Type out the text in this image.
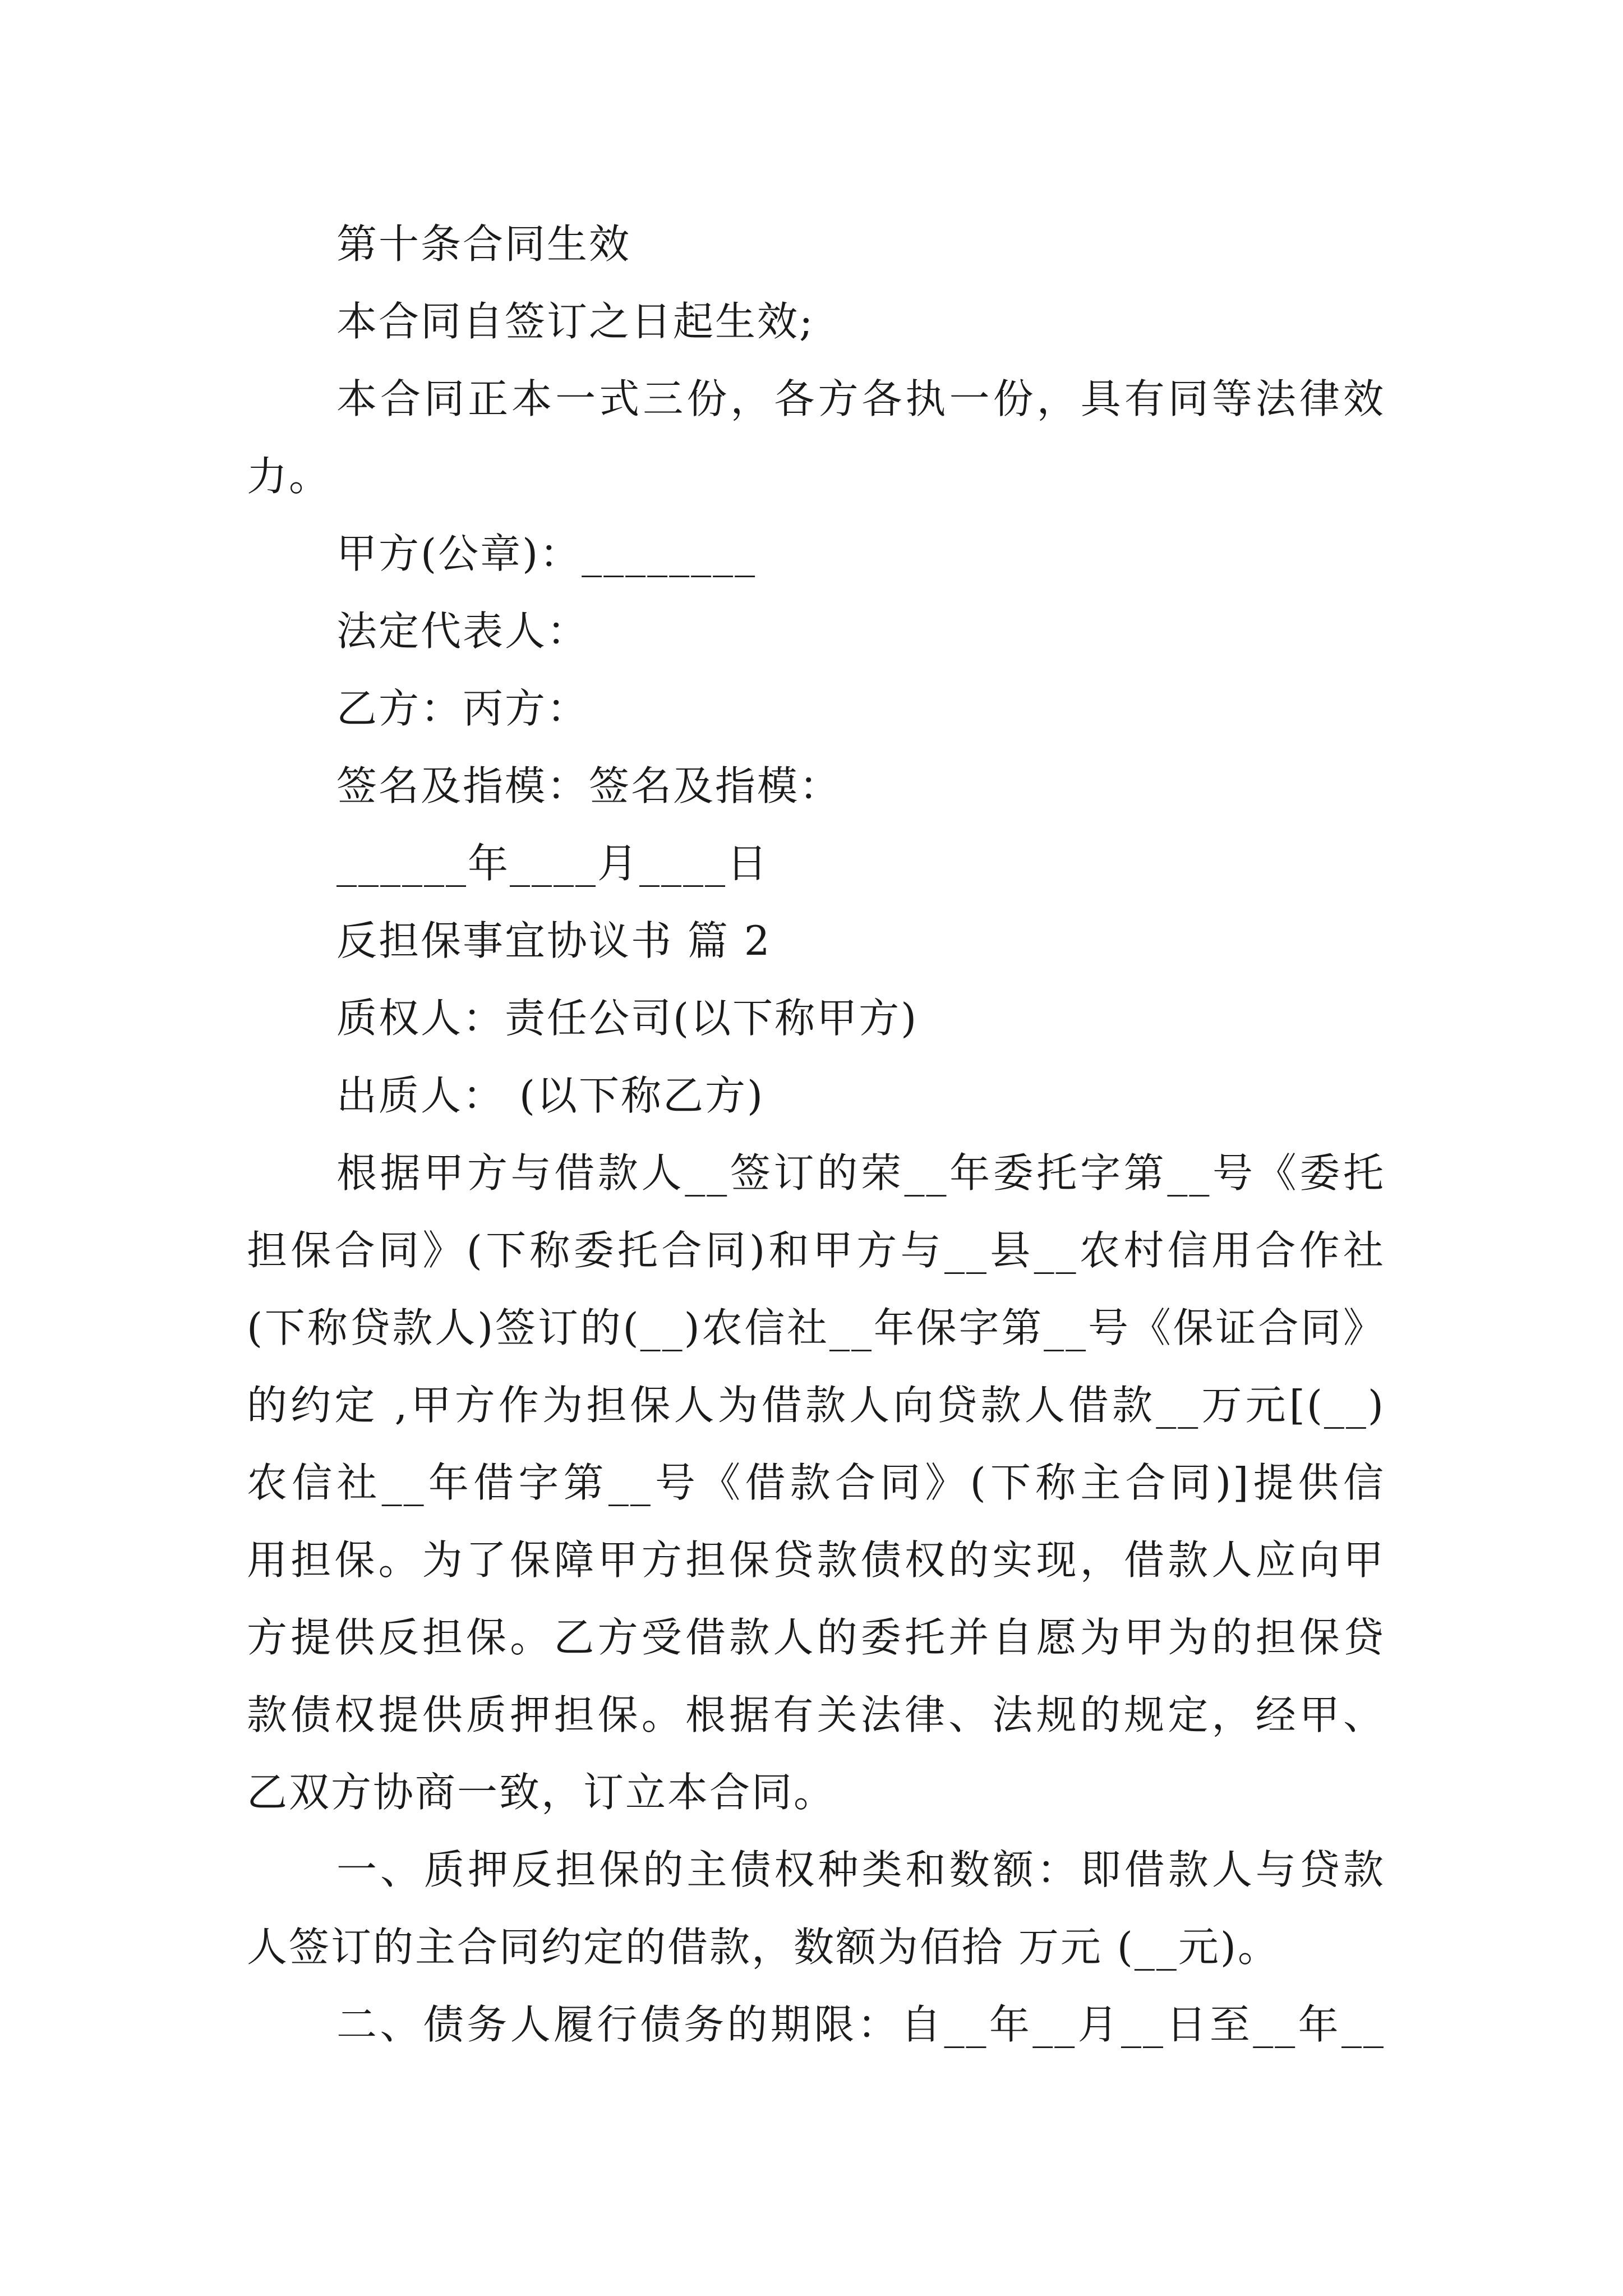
第十条合同生效
本合同自签订之日起生效;
本合同正本一式三份，各方各执一份，具有同等法律效
力。
甲方(公章)：________
法定代表人：
乙方：丙方：
签名及指模：签名及指模：
______年____月____日
反担保事宜协议书 篇 2
质权人：责任公司(以下称甲方)
出质人： (以下称乙方)
根据甲方与借款人__签订的荣__年委托字第__号《委托
担保合同》(下称委托合同)和甲方与__县__农村信用合作社
(下称贷款人)签订的(__)农信社__年保字第__号《保证合同》
的约定 ,甲方作为担保人为借款人向贷款人借款__万元[(__)
农信社__年借字第__号《借款合同》(下称主合同)]提供信
用担保。为了保障甲方担保贷款债权的实现，借款人应向甲
方提供反担保。乙方受借款人的委托并自愿为甲为的担保贷
款债权提供质押担保。根据有关法律、法规的规定，经甲、
乙双方协商一致，订立本合同。
一、质押反担保的主债权种类和数额：即借款人与贷款
人签订的主合同约定的借款，数额为佰拾 万元 (__元)。
二、债务人履行债务的期限：自__年__月__日至__年__
